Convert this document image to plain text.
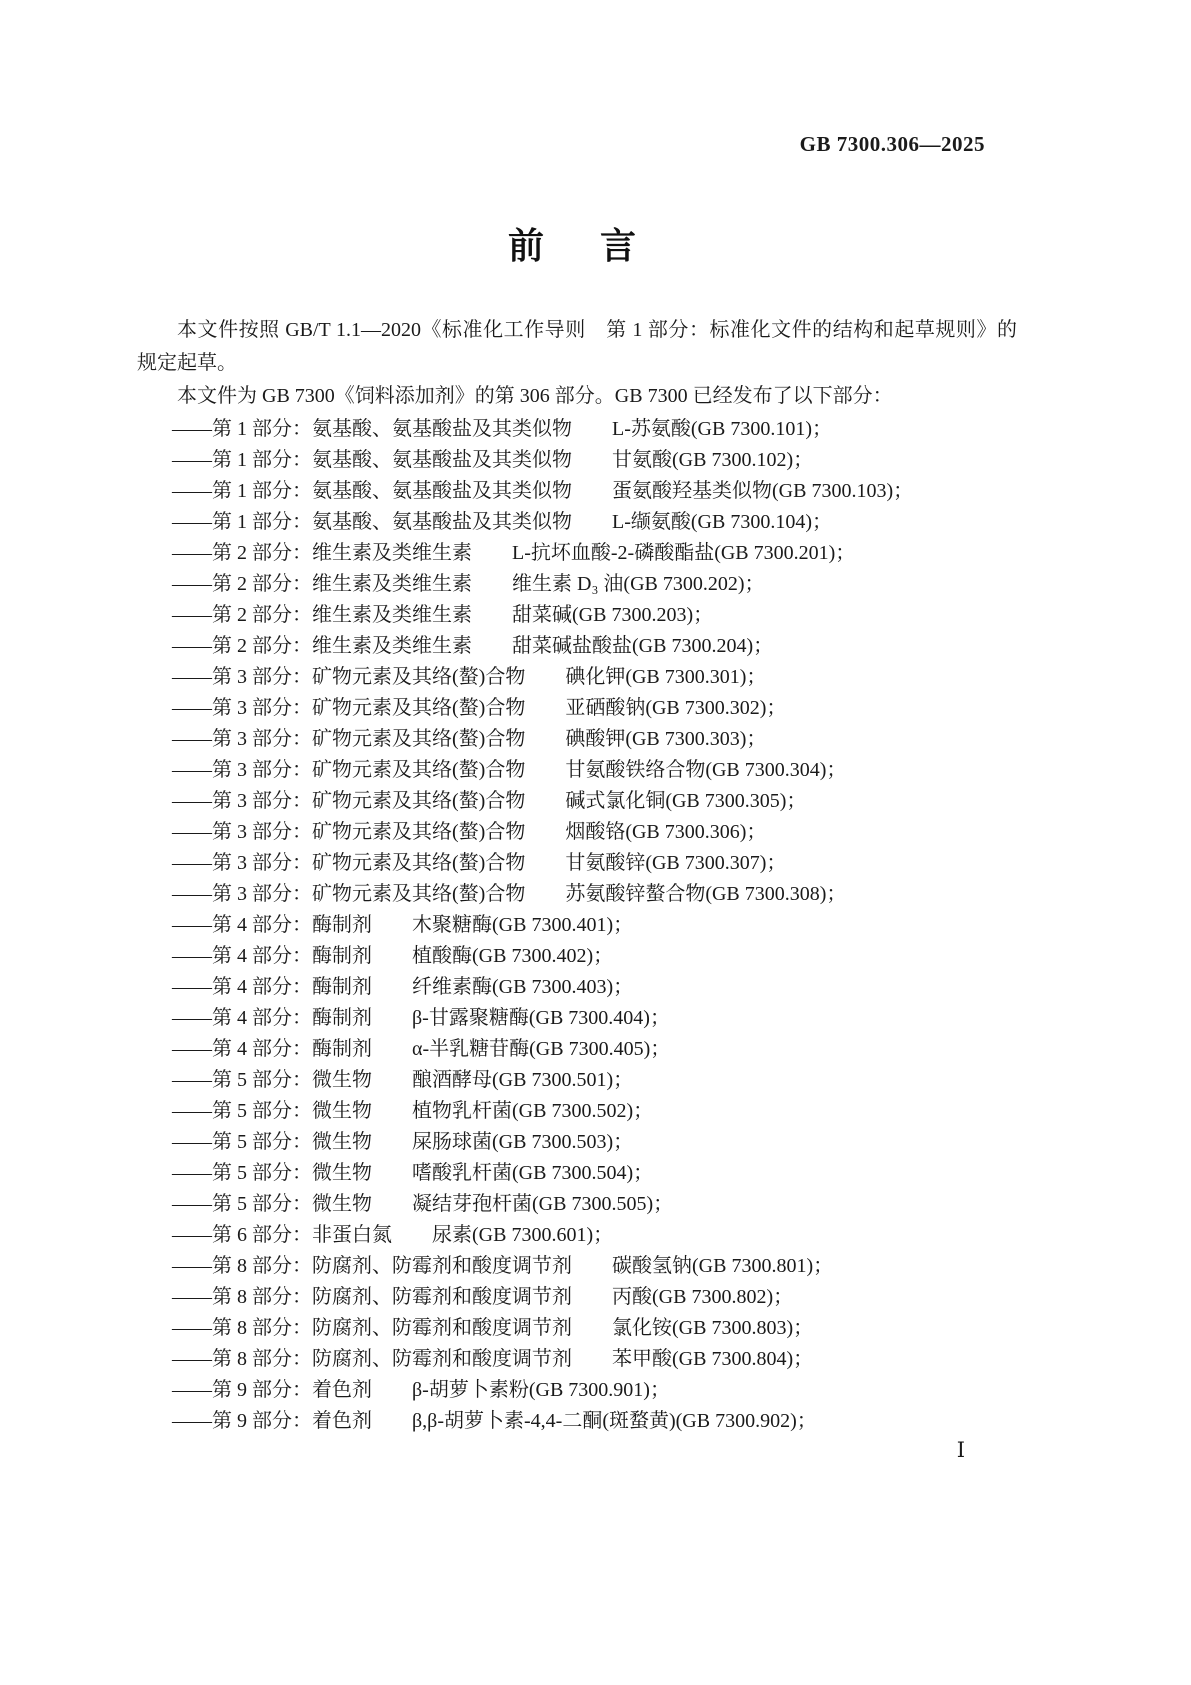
GB 7300.306—2025
前　言

本文件按照 GB/T 1.1—2020《标准化工作导则　第 1 部分：标准化文件的结构和起草规则》的规定起草。

本文件为 GB 7300《饲料添加剂》的第 306 部分。GB 7300 已经发布了以下部分：

——第 1 部分：氨基酸、氨基酸盐及其类似物 L-苏氨酸(GB 7300.101)；
——第 1 部分：氨基酸、氨基酸盐及其类似物 甘氨酸(GB 7300.102)；
——第 1 部分：氨基酸、氨基酸盐及其类似物 蛋氨酸羟基类似物(GB 7300.103)；
——第 1 部分：氨基酸、氨基酸盐及其类似物 L-缬氨酸(GB 7300.104)；
——第 2 部分：维生素及类维生素 L-抗坏血酸-2-磷酸酯盐(GB 7300.201)；
——第 2 部分：维生素及类维生素 维生素 D₃ 油(GB 7300.202)；
——第 2 部分：维生素及类维生素 甜菜碱(GB 7300.203)；
——第 2 部分：维生素及类维生素 甜菜碱盐酸盐(GB 7300.204)；
——第 3 部分：矿物元素及其络(螯)合物 碘化钾(GB 7300.301)；
——第 3 部分：矿物元素及其络(螯)合物 亚硒酸钠(GB 7300.302)；
——第 3 部分：矿物元素及其络(螯)合物 碘酸钾(GB 7300.303)；
——第 3 部分：矿物元素及其络(螯)合物 甘氨酸铁络合物(GB 7300.304)；
——第 3 部分：矿物元素及其络(螯)合物 碱式氯化铜(GB 7300.305)；
——第 3 部分：矿物元素及其络(螯)合物 烟酸铬(GB 7300.306)；
——第 3 部分：矿物元素及其络(螯)合物 甘氨酸锌(GB 7300.307)；
——第 3 部分：矿物元素及其络(螯)合物 苏氨酸锌螯合物(GB 7300.308)；
——第 4 部分：酶制剂 木聚糖酶(GB 7300.401)；
——第 4 部分：酶制剂 植酸酶(GB 7300.402)；
——第 4 部分：酶制剂 纤维素酶(GB 7300.403)；
——第 4 部分：酶制剂 β-甘露聚糖酶(GB 7300.404)；
——第 4 部分：酶制剂 α-半乳糖苷酶(GB 7300.405)；
——第 5 部分：微生物 酿酒酵母(GB 7300.501)；
——第 5 部分：微生物 植物乳杆菌(GB 7300.502)；
——第 5 部分：微生物 屎肠球菌(GB 7300.503)；
——第 5 部分：微生物 嗜酸乳杆菌(GB 7300.504)；
——第 5 部分：微生物 凝结芽孢杆菌(GB 7300.505)；
——第 6 部分：非蛋白氮 尿素(GB 7300.601)；
——第 8 部分：防腐剂、防霉剂和酸度调节剂 碳酸氢钠(GB 7300.801)；
——第 8 部分：防腐剂、防霉剂和酸度调节剂 丙酸(GB 7300.802)；
——第 8 部分：防腐剂、防霉剂和酸度调节剂 氯化铵(GB 7300.803)；
——第 8 部分：防腐剂、防霉剂和酸度调节剂 苯甲酸(GB 7300.804)；
——第 9 部分：着色剂 β-胡萝卜素粉(GB 7300.901)；
——第 9 部分：着色剂 β,β-胡萝卜素-4,4-二酮(斑蝥黄)(GB 7300.902)；
Ⅰ
